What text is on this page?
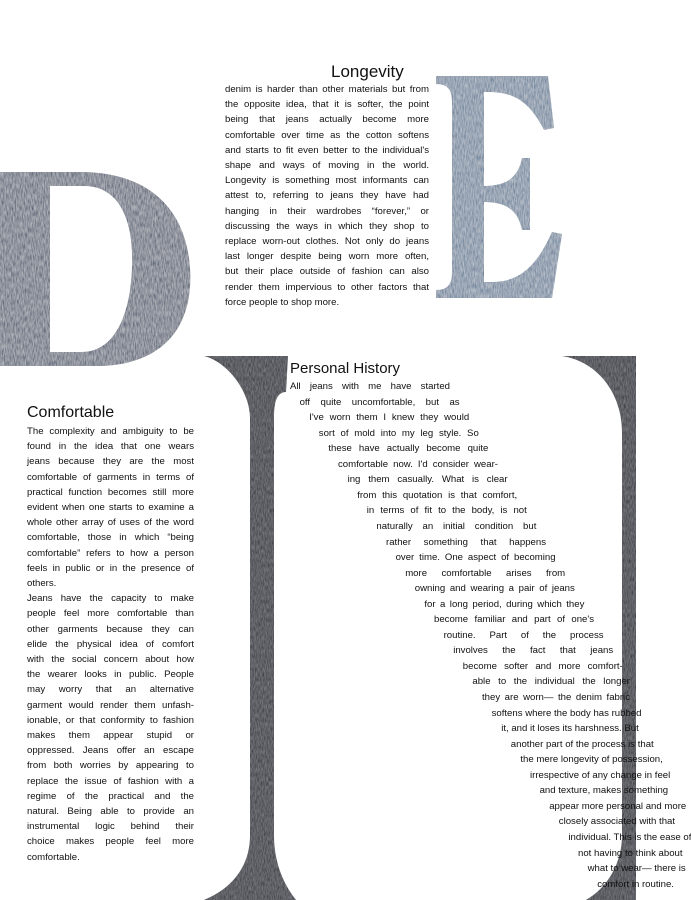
Longevity
denim is harder than other materials but from
the opposite idea, that it is softer, the point
being that jeans actually become more
comfortable over time as the cotton softens
and starts to fit even better to the individual's
shape and ways of moving in the world.
Longevity is something most informants can
attest to, referring to jeans they have had
hanging in their wardrobes “forever,” or
discussing the ways in which they shop to
replace worn-out clothes. Not only do jeans
last longer despite being worn more often,
but their place outside of fashion can also
render them impervious to other factors that
force people to shop more.
Comfortable
The complexity and ambiguity to be
found in the idea that one wears
jeans because they are the most
comfortable of garments in terms of
practical function becomes still more
evident when one starts to examine a
whole other array of uses of the word
comfortable, those in which “being
comfortable” refers to how a person
feels in public or in the presence of
others.
Jeans have the capacity to make
people feel more comfortable than
other garments because they can
elide the physical idea of comfort
with the social concern about how
the wearer looks in public. People
may worry that an alternative
garment would render them unfash-
ionable, or that conformity to fashion
makes them appear stupid or
oppressed. Jeans offer an escape
from both worries by appearing to
replace the issue of fashion with a
regime of the practical and the
natural. Being able to provide an
instrumental logic behind their
choice makes people feel more
comfortable.
Personal History
All jeans with me have started
off quite uncomfortable, but as
I've worn them I knew they would
sort of mold into my leg style. So
these have actually become quite
comfortable now. I'd consider wear-
ing them casually. What is clear
from this quotation is that comfort,
in terms of fit to the body, is not
naturally an initial condition but
rather something that happens
over time. One aspect of becoming
more comfortable arises from
owning and wearing a pair of jeans
for a long period, during which they
become familiar and part of one's
routine. Part of the process
involves the fact that jeans
become softer and more comfort-
able to the individual the longer
they are worn— the denim fabric
softens where the body has rubbed
it, and it loses its harshness. But
another part of the process is that
the mere longevity of possession,
irrespective of any change in feel
and texture, makes something
appear more personal and more
closely associated with that
individual. This is the ease of
not having to think about
what to wear— there is
comfort in routine.
